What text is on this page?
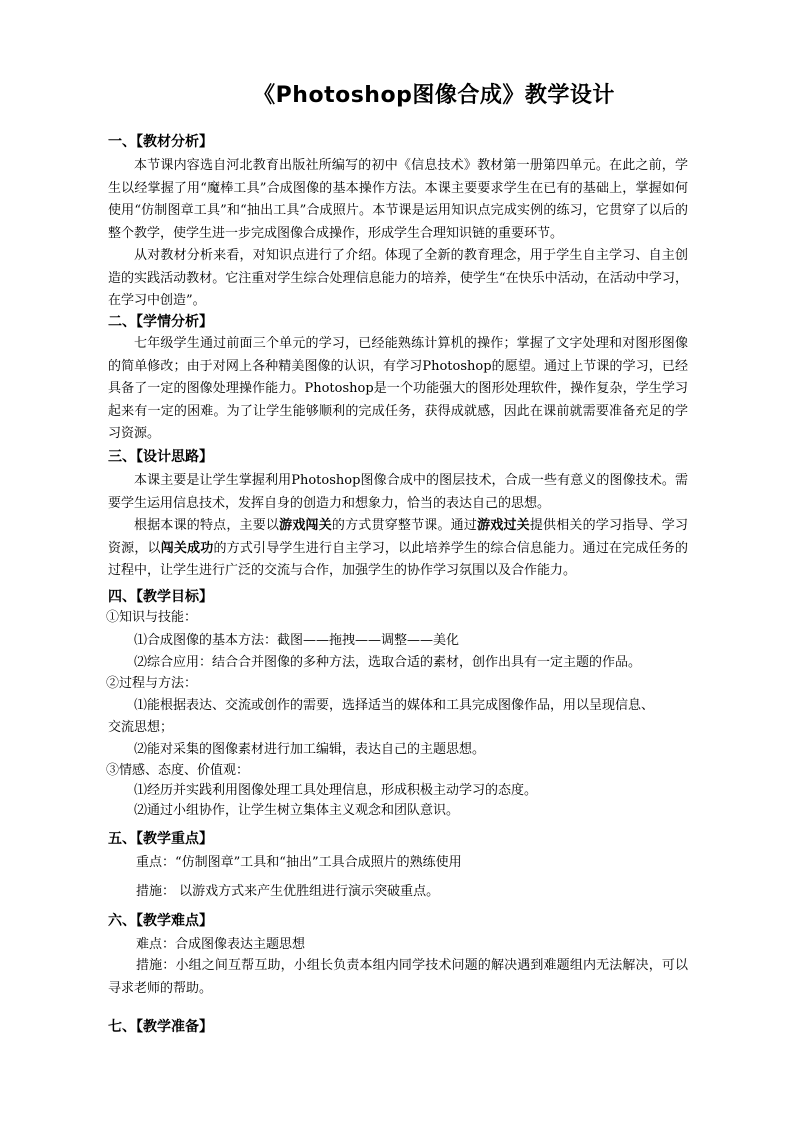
《Photoshop图像合成》教学设计
一、【教材分析】
本节课内容选自河北教育出版社所编写的初中《信息技术》教材第一册第四单元。在此之前，学生以经掌握了用“魔棒工具”合成图像的基本操作方法。本课主要要求学生在已有的基础上，掌握如何使用“仿制图章工具”和“抽出工具”合成照片。本节课是运用知识点完成实例的练习，它贯穿了以后的整个教学，使学生进一步完成图像合成操作，形成学生合理知识链的重要环节。
从对教材分析来看，对知识点进行了介绍。体现了全新的教育理念，用于学生自主学习、自主创造的实践活动教材。它注重对学生综合处理信息能力的培养，使学生“在快乐中活动，在活动中学习，在学习中创造”。
二、【学情分析】
七年级学生通过前面三个单元的学习，已经能熟练计算机的操作；掌握了文字处理和对图形图像的简单修改；由于对网上各种精美图像的认识，有学习Photoshop的愿望。通过上节课的学习，已经具备了一定的图像处理操作能力。Photoshop是一个功能强大的图形处理软件，操作复杂，学生学习起来有一定的困难。为了让学生能够顺利的完成任务，获得成就感，因此在课前就需要准备充足的学习资源。
三、【设计思路】
本课主要是让学生掌握利用Photoshop图像合成中的图层技术，合成一些有意义的图像技术。需要学生运用信息技术，发挥自身的创造力和想象力，恰当的表达自己的思想。
根据本课的特点，主要以游戏闯关的方式贯穿整节课。通过游戏过关提供相关的学习指导、学习资源，以闯关成功的方式引导学生进行自主学习，以此培养学生的综合信息能力。通过在完成任务的过程中，让学生进行广泛的交流与合作，加强学生的协作学习氛围以及合作能力。
四、【教学目标】
①知识与技能：
⑴合成图像的基本方法：截图——拖拽——调整——美化
⑵综合应用：结合合并图像的多种方法，选取合适的素材，创作出具有一定主题的作品。
②过程与方法：
⑴能根据表达、交流或创作的需要，选择适当的媒体和工具完成图像作品，用以呈现信息、
交流思想；
⑵能对采集的图像素材进行加工编辑，表达自己的主题思想。
③情感、态度、价值观：
⑴经历并实践利用图像处理工具处理信息，形成积极主动学习的态度。
⑵通过小组协作，让学生树立集体主义观念和团队意识。
五、【教学重点】
重点：“仿制图章”工具和“抽出”工具合成照片的熟练使用
措施： 以游戏方式来产生优胜组进行演示突破重点。
六、【教学难点】
难点：合成图像表达主题思想
措施：小组之间互帮互助，小组长负责本组内同学技术问题的解决遇到难题组内无法解决，可以寻求老师的帮助。
七、【教学准备】
